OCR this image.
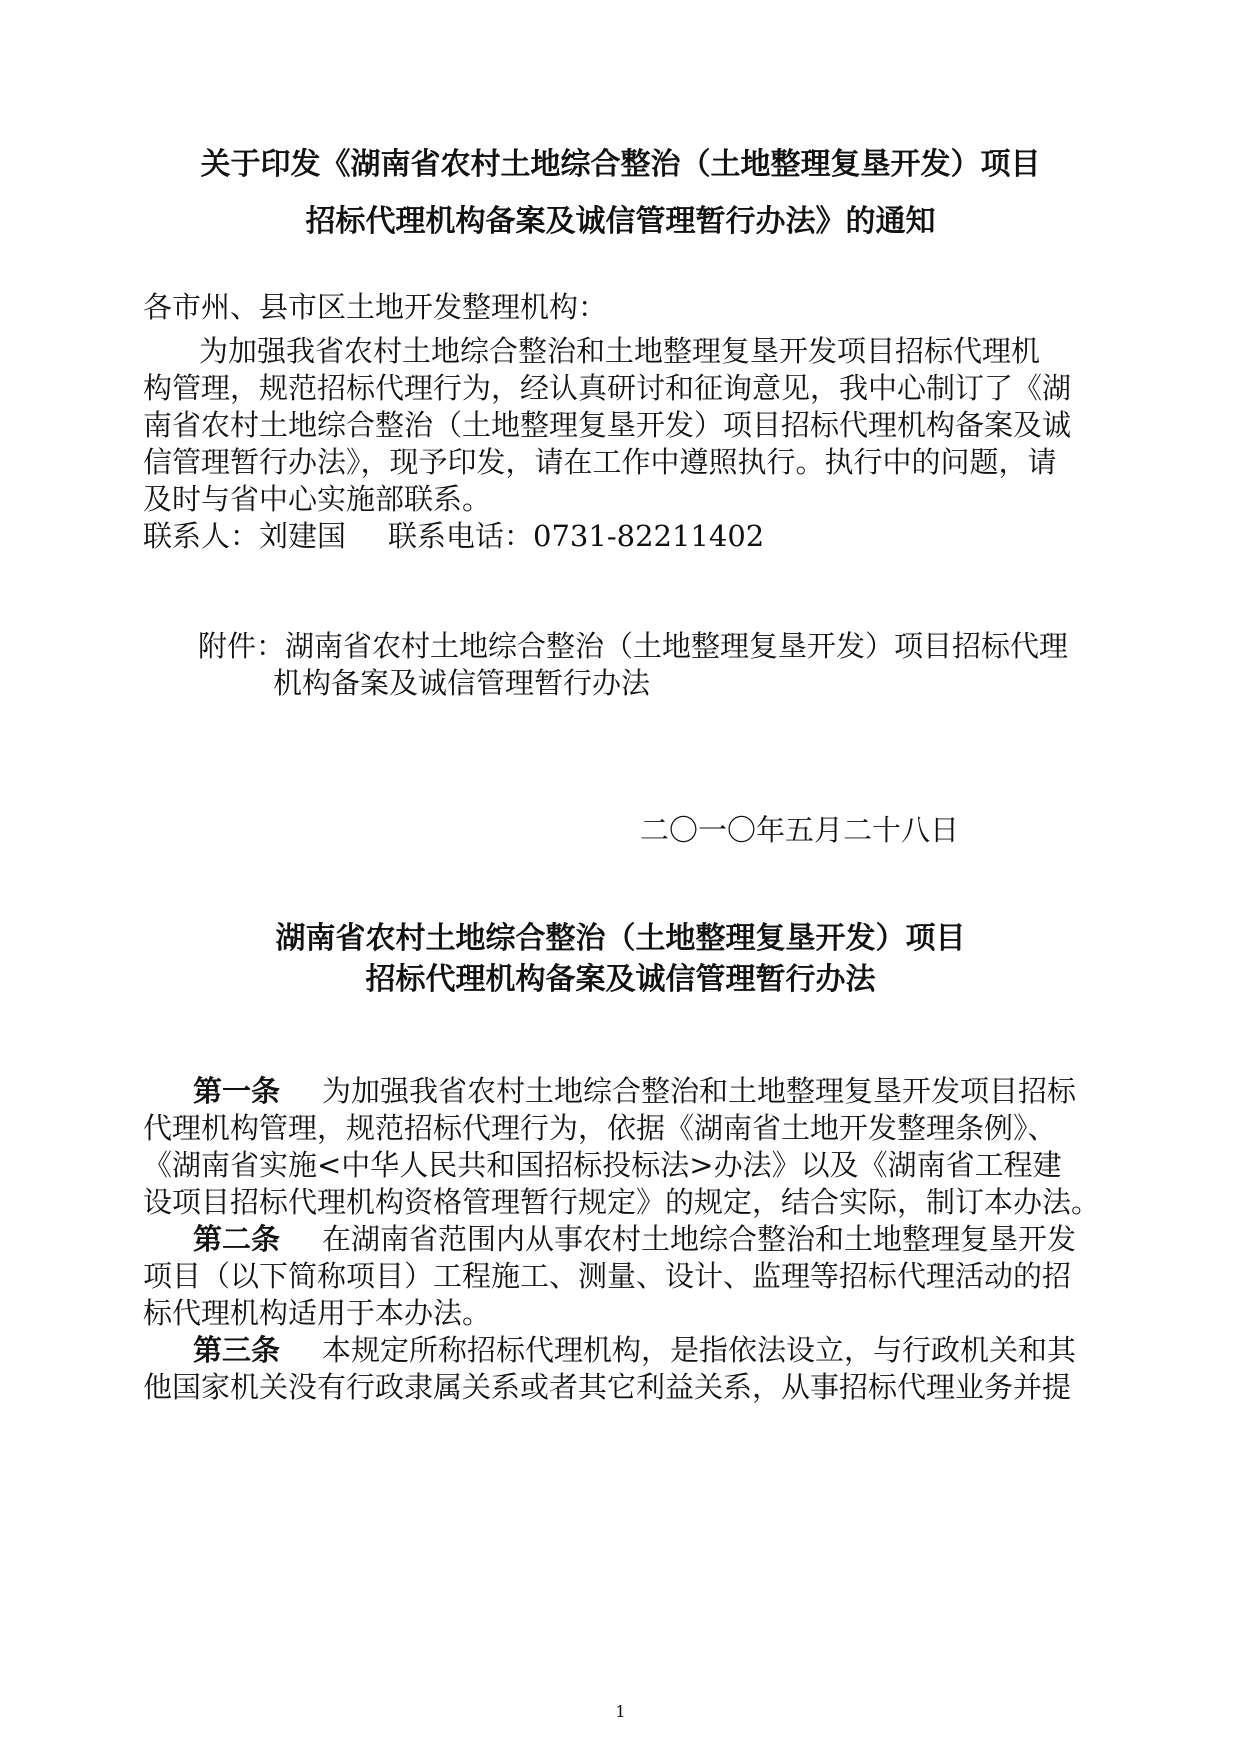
关于印发《湖南省农村土地综合整治（土地整理复垦开发）项目
招标代理机构备案及诚信管理暂行办法》的通知
各市州、县市区土地开发整理机构：
为加强我省农村土地综合整治和土地整理复垦开发项目招标代理机
构管理，规范招标代理行为，经认真研讨和征询意见，我中心制订了《湖
南省农村土地综合整治（土地整理复垦开发）项目招标代理机构备案及诚
信管理暂行办法》，现予印发，请在工作中遵照执行。执行中的问题，请
及时与省中心实施部联系。
联系人：刘建国 联系电话：0731-82211402
附件：湖南省农村土地综合整治（土地整理复垦开发）项目招标代理
机构备案及诚信管理暂行办法
二〇一〇年五月二十八日
湖南省农村土地综合整治（土地整理复垦开发）项目
招标代理机构备案及诚信管理暂行办法
第一条 为加强我省农村土地综合整治和土地整理复垦开发项目招标
代理机构管理，规范招标代理行为，依据《湖南省土地开发整理条例》、
《湖南省实施<中华人民共和国招标投标法>办法》以及《湖南省工程建
设项目招标代理机构资格管理暂行规定》的规定，结合实际，制订本办法。
第二条 在湖南省范围内从事农村土地综合整治和土地整理复垦开发
项目（以下简称项目）工程施工、测量、设计、监理等招标代理活动的招
标代理机构适用于本办法。
第三条 本规定所称招标代理机构，是指依法设立，与行政机关和其
他国家机关没有行政隶属关系或者其它利益关系，从事招标代理业务并提
1
